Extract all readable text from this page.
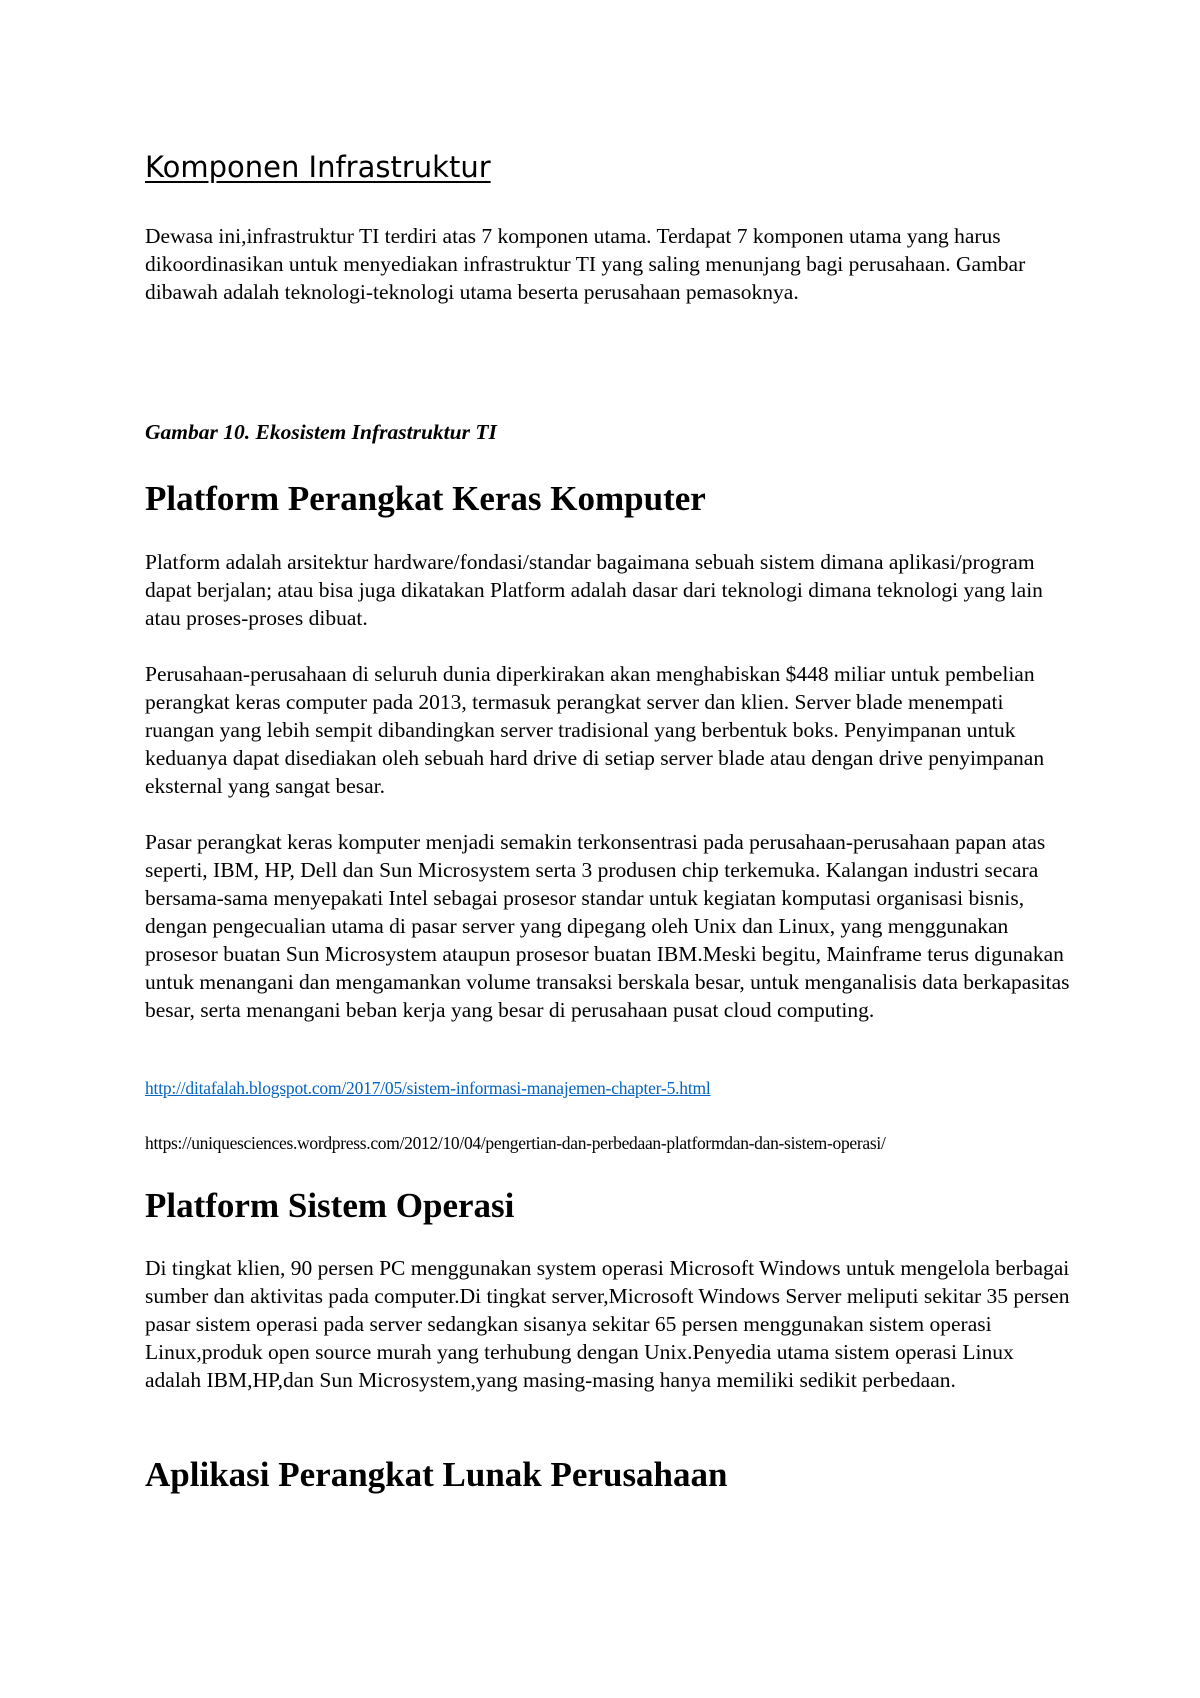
Komponen Infrastruktur

Dewasa ini,infrastruktur TI terdiri atas 7 komponen utama. Terdapat 7 komponen utama yang harus dikoordinasikan untuk menyediakan infrastruktur TI yang saling menunjang bagi perusahaan. Gambar dibawah adalah teknologi-teknologi utama beserta perusahaan pemasoknya.

Gambar 10. Ekosistem Infrastruktur TI

Platform Perangkat Keras Komputer

Platform adalah arsitektur hardware/fondasi/standar bagaimana sebuah sistem dimana aplikasi/program dapat berjalan; atau bisa juga dikatakan Platform adalah dasar dari teknologi dimana teknologi yang lain atau proses-proses dibuat.

Perusahaan-perusahaan di seluruh dunia diperkirakan akan menghabiskan $448 miliar untuk pembelian perangkat keras computer pada 2013, termasuk perangkat server dan klien. Server blade menempati ruangan yang lebih sempit dibandingkan server tradisional yang berbentuk boks. Penyimpanan untuk keduanya dapat disediakan oleh sebuah hard drive di setiap server blade atau dengan drive penyimpanan eksternal yang sangat besar.

Pasar perangkat keras komputer menjadi semakin terkonsentrasi pada perusahaan-perusahaan papan atas seperti, IBM, HP, Dell dan Sun Microsystem serta 3 produsen chip terkemuka. Kalangan industri secara bersama-sama menyepakati Intel sebagai prosesor standar untuk kegiatan komputasi organisasi bisnis, dengan pengecualian utama di pasar server yang dipegang oleh Unix dan Linux, yang menggunakan prosesor buatan Sun Microsystem ataupun prosesor buatan IBM.Meski begitu, Mainframe terus digunakan untuk menangani dan mengamankan volume transaksi berskala besar, untuk menganalisis data berkapasitas besar, serta menangani beban kerja yang besar di perusahaan pusat cloud computing.

http://ditafalah.blogspot.com/2017/05/sistem-informasi-manajemen-chapter-5.html

https://uniquesciences.wordpress.com/2012/10/04/pengertian-dan-perbedaan-platformdan-dan-sistem-operasi/

Platform Sistem Operasi

Di tingkat klien, 90 persen PC menggunakan system operasi Microsoft Windows untuk mengelola berbagai sumber dan aktivitas pada computer.Di tingkat server,Microsoft Windows Server meliputi sekitar 35 persen pasar sistem operasi pada server sedangkan sisanya sekitar 65 persen menggunakan sistem operasi Linux,produk open source murah yang terhubung dengan Unix.Penyedia utama sistem operasi Linux adalah IBM,HP,dan Sun Microsystem,yang masing-masing hanya memiliki sedikit perbedaan.

Aplikasi Perangkat Lunak Perusahaan
